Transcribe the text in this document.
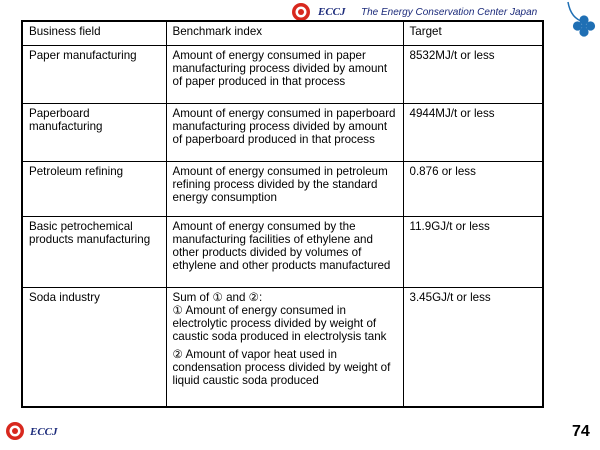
ECCJ The Energy Conservation Center Japan
Business field	Benchmark index	Target
Paper manufacturing	Amount of energy consumed in paper manufacturing process divided by amount of paper produced in that process	8532MJ/t or less
Paperboard manufacturing	Amount of energy consumed in paperboard manufacturing process divided by amount of paperboard produced in that process	4944MJ/t or less
Petroleum refining	Amount of energy consumed in petroleum refining process divided by the standard energy consumption	0.876 or less
Basic petrochemical products manufacturing	Amount of energy consumed by the manufacturing facilities of ethylene and other products divided by volumes of ethylene and other products manufactured	11.9GJ/t or less
Soda industry	Sum of ① and ②:
① Amount of energy consumed in electrolytic process divided by weight of caustic soda produced in electrolysis tank
② Amount of vapor heat used in condensation process divided by weight of liquid caustic soda produced	3.45GJ/t or less
ECCJ	74
